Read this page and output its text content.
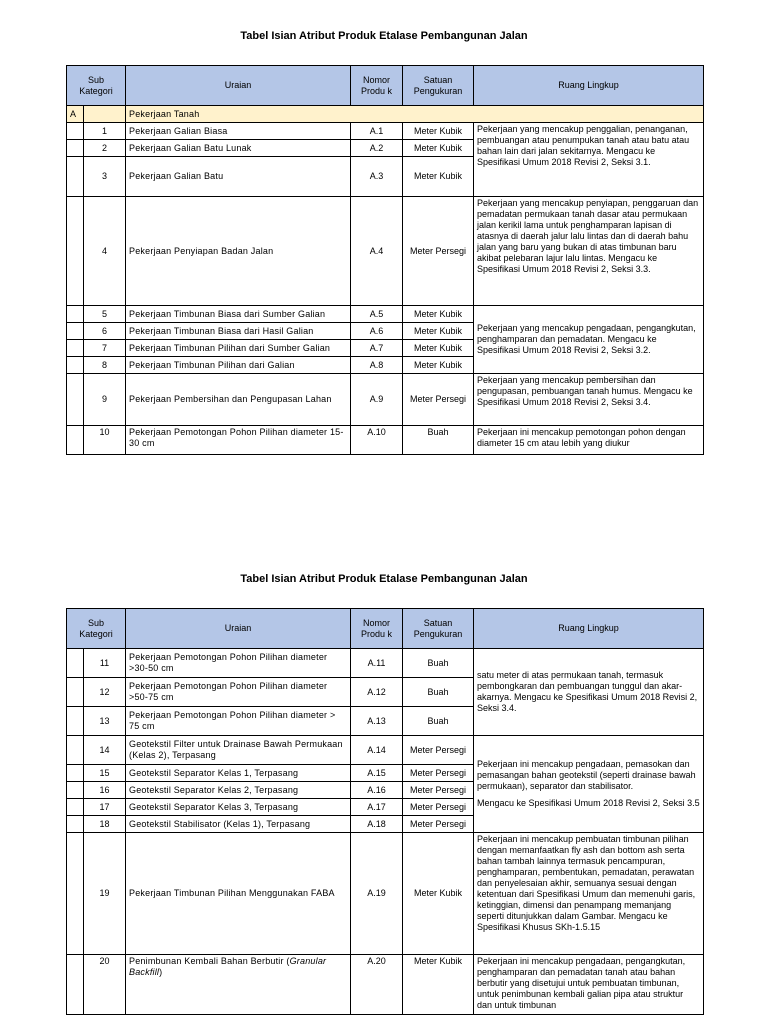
Tabel Isian Atribut Produk Etalase Pembangunan Jalan
Sub Kategori		Uraian	Nomor Produ k	Satuan Pengukuran	Ruang Lingkup
A		Pekerjaan Tanah			
	1	Pekerjaan Galian Biasa	A.1	Meter Kubik	Pekerjaan yang mencakup penggalian, penanganan, pembuangan atau penumpukan tanah atau batu atau bahan lain dari jalan sekitarnya. Mengacu ke Spesifikasi Umum 2018 Revisi 2, Seksi 3.1.
	2	Pekerjaan Galian Batu Lunak	A.2	Meter Kubik	
	3	Pekerjaan Galian Batu	A.3	Meter Kubik	
	4	Pekerjaan Penyiapan Badan Jalan	A.4	Meter Persegi	Pekerjaan yang mencakup penyiapan, penggaruan dan pemadatan permukaan tanah dasar atau permukaan jalan kerikil lama untuk penghamparan lapisan di atasnya di daerah jalur lalu lintas dan di daerah bahu jalan yang baru yang bukan di atas timbunan baru akibat pelebaran lajur lalu lintas. Mengacu ke Spesifikasi Umum 2018 Revisi 2, Seksi 3.3.
	5	Pekerjaan Timbunan Biasa dari Sumber Galian	A.5	Meter Kubik	Pekerjaan yang mencakup pengadaan, pengangkutan, penghamparan dan pemadatan. Mengacu ke Spesifikasi Umum 2018 Revisi 2, Seksi 3.2.
	6	Pekerjaan Timbunan Biasa dari Hasil Galian	A.6	Meter Kubik	
	7	Pekerjaan Timbunan Pilihan dari Sumber Galian	A.7	Meter Kubik	
	8	Pekerjaan Timbunan Pilihan dari Galian	A.8	Meter Kubik	
	9	Pekerjaan Pembersihan dan Pengupasan Lahan	A.9	Meter Persegi	Pekerjaan yang mencakup pembersihan dan pengupasan, pembuangan tanah humus. Mengacu ke Spesifikasi Umum 2018 Revisi 2, Seksi 3.4.
	10	Pekerjaan Pemotongan Pohon Pilihan diameter 15-30 cm	A.10	Buah	Pekerjaan ini mencakup pemotongan pohon dengan diameter 15 cm atau lebih yang diukur
Tabel Isian Atribut Produk Etalase Pembangunan Jalan
Sub Kategori		Uraian	Nomor Produ k	Satuan Pengukuran	Ruang Lingkup
	11	Pekerjaan Pemotongan Pohon Pilihan diameter >30-50 cm	A.11	Buah	satu meter di atas permukaan tanah, termasuk pembongkaran dan pembuangan tunggul dan akar-akarnya. Mengacu ke Spesifikasi Umum 2018 Revisi 2, Seksi 3.4.
	12	Pekerjaan Pemotongan Pohon Pilihan diameter >50-75 cm	A.12	Buah	
	13	Pekerjaan Pemotongan Pohon Pilihan diameter > 75 cm	A.13	Buah	
	14	Geotekstil Filter untuk Drainase Bawah Permukaan (Kelas 2), Terpasang	A.14	Meter Persegi	Pekerjaan ini mencakup pengadaan, pemasokan dan pemasangan bahan geotekstil (seperti drainase bawah permukaan), separator dan stabilisator.
Mengacu ke Spesifikasi Umum 2018 Revisi 2, Seksi 3.5

	15	Geotekstil Separator Kelas 1, Terpasang	A.15	Meter Persegi	
	16	Geotekstil Separator Kelas 2, Terpasang	A.16	Meter Persegi	
	17	Geotekstil Separator Kelas 3, Terpasang	A.17	Meter Persegi	
	18	Geotekstil Stabilisator (Kelas 1), Terpasang	A.18	Meter Persegi	
	19	Pekerjaan Timbunan Pilihan Menggunakan FABA	A.19	Meter Kubik	Pekerjaan ini mencakup pembuatan timbunan pilihan dengan memanfaatkan fly ash dan bottom ash serta bahan tambah lainnya termasuk pencampuran, penghamparan, pembentukan, pemadatan, perawatan dan penyelesaian akhir, semuanya sesuai dengan ketentuan dari Spesifikasi Umum dan memenuhi garis, ketinggian, dimensi dan penampang memanjang seperti ditunjukkan dalam Gambar. Mengacu ke Spesifikasi Khusus SKh-1.5.15
	20	Penimbunan Kembali Bahan Berbutir (Granular Backfill)	A.20	Meter Kubik	Pekerjaan ini mencakup pengadaan, pengangkutan, penghamparan dan pemadatan tanah atau bahan berbutir yang disetujui untuk pembuatan timbunan, untuk penimbunan kembali galian pipa atau struktur dan untuk timbunan
